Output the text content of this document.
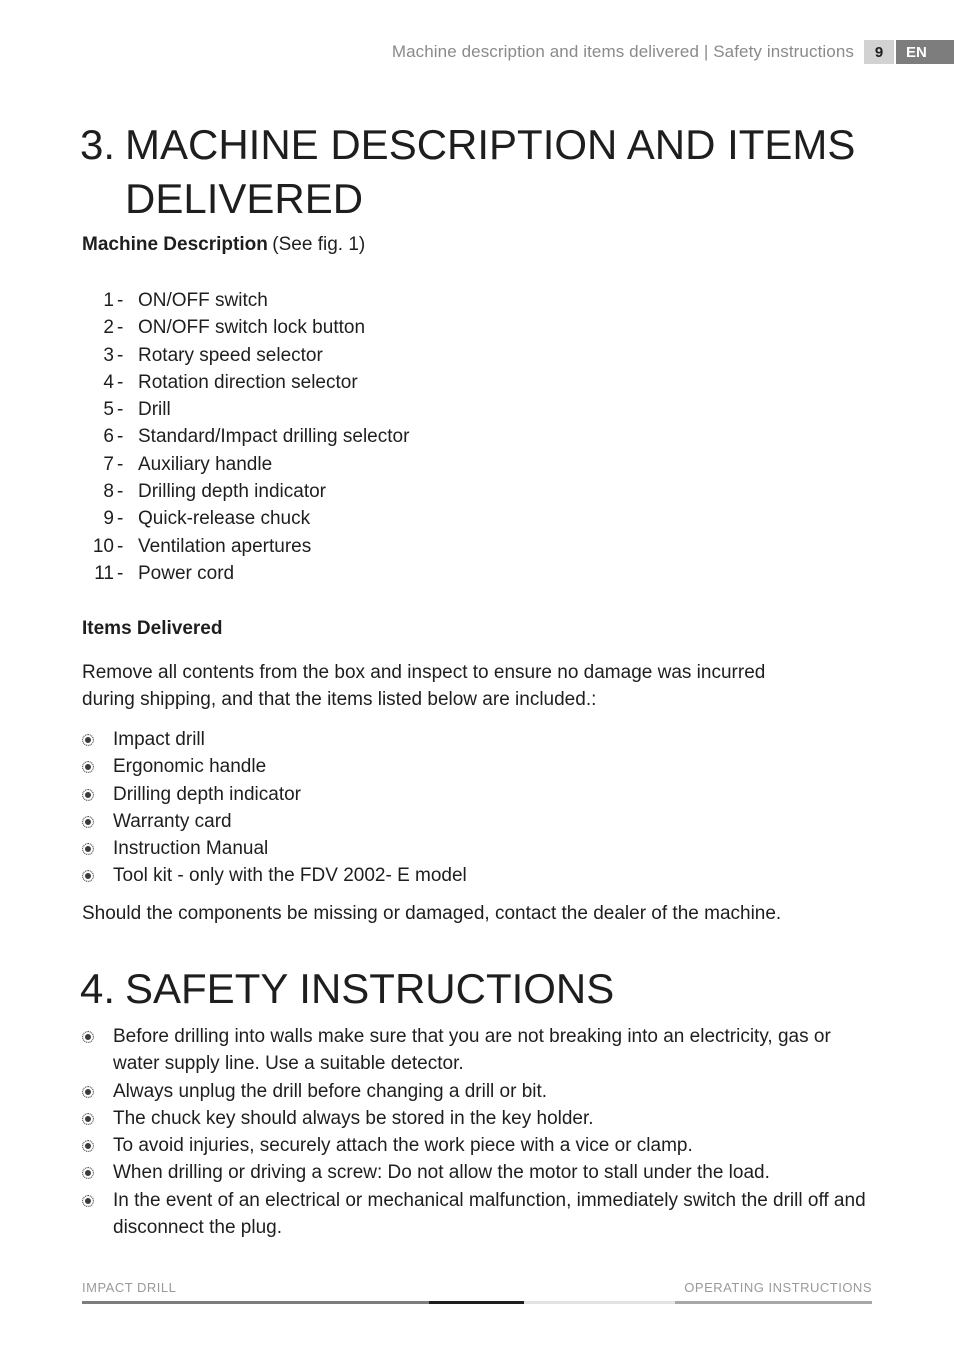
Machine description and items delivered | Safety instructions	9	EN
3. MACHINE DESCRIPTION AND ITEMS
DELIVERED
Machine Description (See fig. 1)
1 - ON/OFF switch
2 - ON/OFF switch lock button
3 - Rotary speed selector
4 - Rotation direction selector
5 - Drill
6 - Standard/Impact drilling selector
7 - Auxiliary handle
8 - Drilling depth indicator
9 - Quick-release chuck
10 - Ventilation apertures
11 - Power cord
Items Delivered
Remove all contents from the box and inspect to ensure no damage was incurred during shipping, and that the items listed below are included.:
Impact drill
Ergonomic handle
Drilling depth indicator
Warranty card
Instruction Manual
Tool kit - only with the FDV 2002- E model
Should the components be missing or damaged, contact the dealer of the machine.
4. SAFETY INSTRUCTIONS
Before drilling into walls make sure that you are not breaking into an electricity, gas or water supply line. Use a suitable detector.
Always unplug the drill before changing a drill or bit.
The chuck key should always be stored in the key holder.
To avoid injuries, securely attach the work piece with a vice or clamp.
When drilling or driving a screw: Do not allow the motor to stall under the load.
In the event of an electrical or mechanical malfunction, immediately switch the drill off and disconnect the plug.
IMPACT DRILL	OPERATING INSTRUCTIONS
